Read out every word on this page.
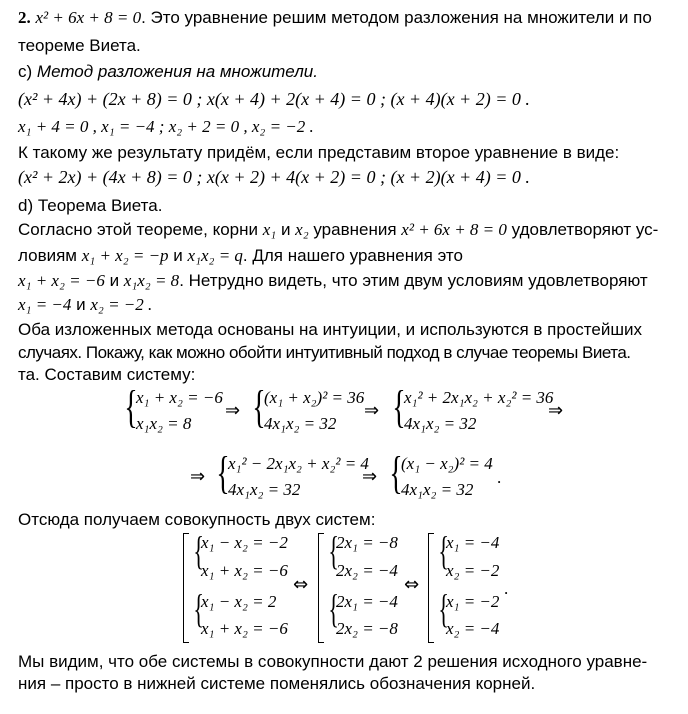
2. x² + 6x + 8 = 0. Это уравнение решим методом разложения на множители и по
теореме Виета.
c) Метод разложения на множители.
(x² + 4x) + (2x + 8) = 0 ; x(x + 4) + 2(x + 4) = 0 ; (x + 4)(x + 2) = 0 .
x₁ + 4 = 0 , x₁ = −4 ; x₂ + 2 = 0 , x₂ = −2 .
К такому же результату придём, если представим второе уравнение в виде:
(x² + 2x) + (4x + 8) = 0 ; x(x + 2) + 4(x + 2) = 0 ; (x + 2)(x + 4) = 0 .
d) Теорема Виета.
Согласно этой теореме, корни x₁ и x₂ уравнения x² + 6x + 8 = 0 удовлетворяют ус-
ловиям x₁ + x₂ = −p и x₁x₂ = q. Для нашего уравнения это
x₁ + x₂ = −6 и x₁x₂ = 8. Нетрудно видеть, что этим двум условиям удовлетворяют
x₁ = −4 и x₂ = −2 .
Оба изложенных метода основаны на интуиции, и используются в простейших
случаях. Покажу, как можно обойти интуитивный подход в случае теоремы Виета.
та. Составим систему:
{
x₁ + x₂ = −6
x₁x₂ = 8
⇒ {
(x₁ + x₂)² = 36
4x₁x₂ = 32
⇒ {
x₁² + 2x₁x₂ + x₂² = 36
4x₁x₂ = 32
⇒
⇒ {
x₁² − 2x₁x₂ + x₂² = 4
4x₁x₂ = 32
⇒ {
(x₁ − x₂)² = 4
4x₁x₂ = 32
.
Отсюда получаем совокупность двух систем:
{
x₁ − x₂ = −2
x₁ + x₂ = −6
{
x₁ − x₂ = 2
x₁ + x₂ = −6
⇔
{
2x₁ = −8
2x₂ = −4
{
2x₁ = −4
2x₂ = −8
⇔
{
x₁ = −4
x₂ = −2
{
x₁ = −2
x₂ = −4
.
Мы видим, что обе системы в совокупности дают 2 решения исходного уравне-
ния – просто в нижней системе поменялись обозначения корней.
